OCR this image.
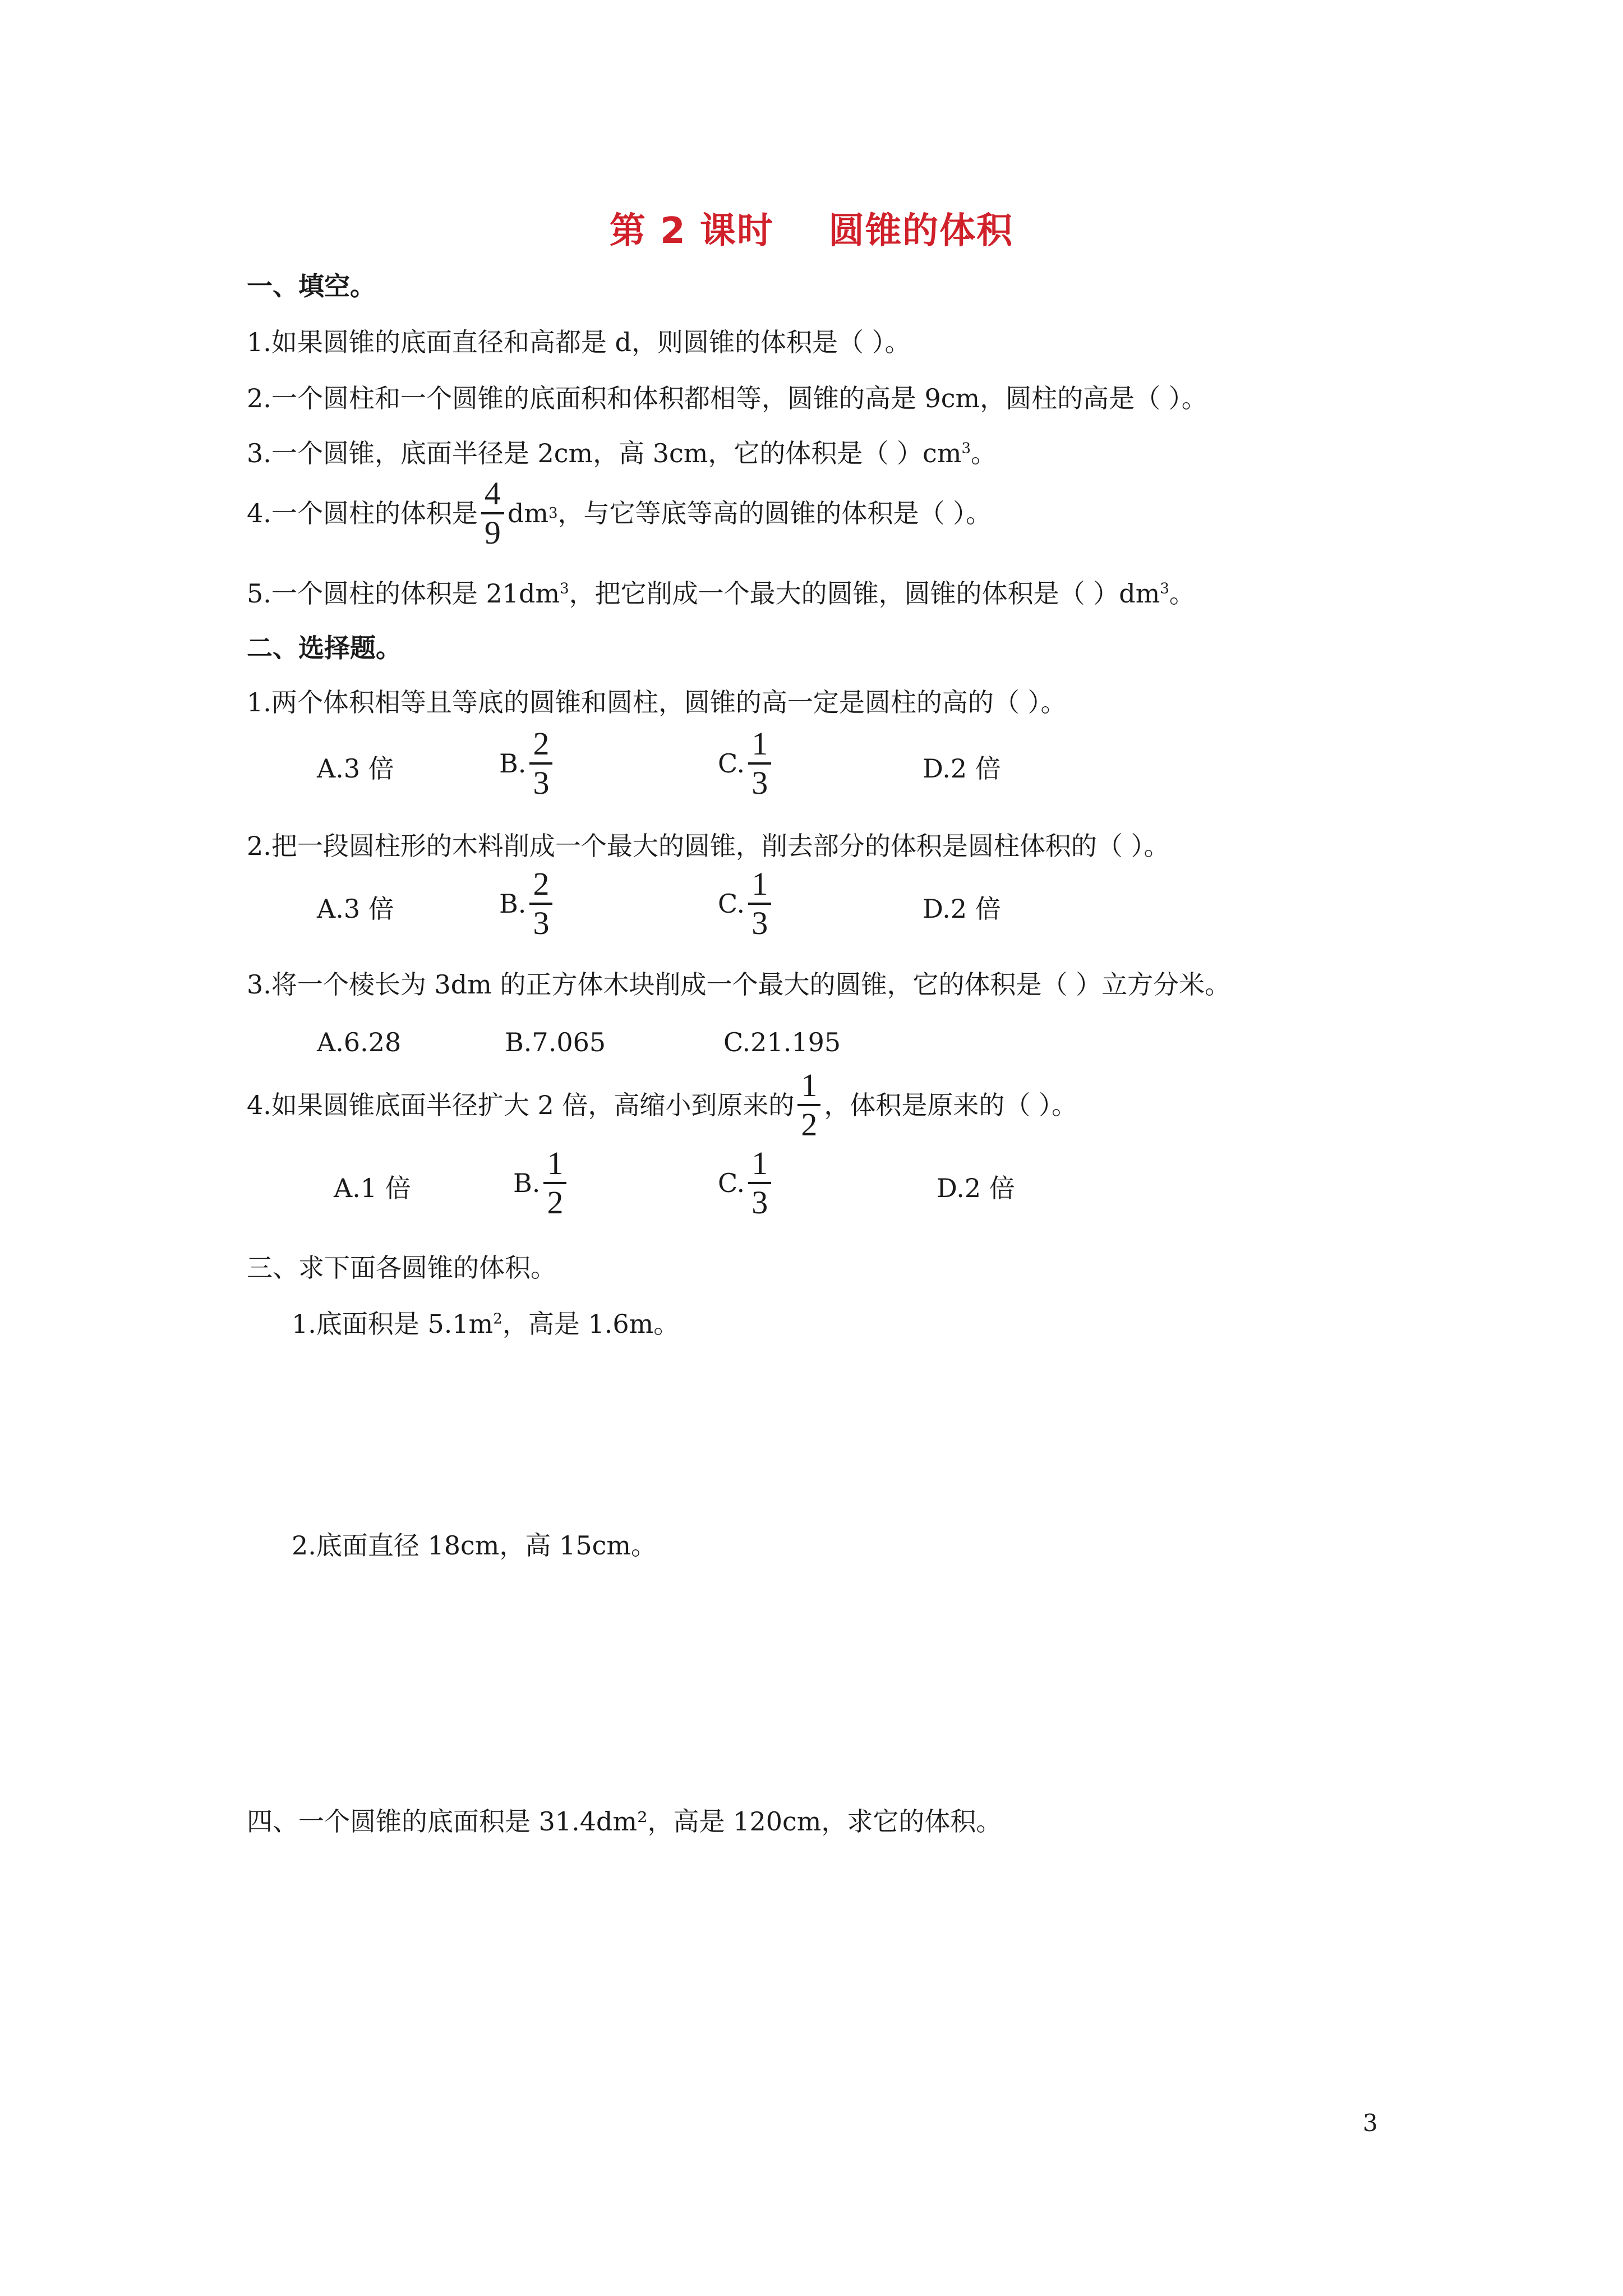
第 2 课时    圆锥的体积
一、填空。
1.如果圆锥的底面直径和高都是 d，则圆锥的体积是（ ）。
2.一个圆柱和一个圆锥的底面积和体积都相等，圆锥的高是 9cm，圆柱的高是（ ）。
3.一个圆锥，底面半径是 2cm，高 3cm，它的体积是（ ）$cm^3$。
4.一个圆柱的体积是 $\frac{4}{9}$ dm 3 ，与它等底等高的圆锥的体积是（ ）。
5.一个圆柱的体积是 $21dm^3$，把它削成一个最大的圆锥，圆锥的体积是（ ）$dm^3$。
二、选择题。
1.两个体积相等且等底的圆锥和圆柱，圆锥的高一定是圆柱的高的（ ）。
A.3 倍	B. $\frac{2}{3}$	C. $\frac{1}{3}$	D.2 倍
2.把一段圆柱形的木料削成一个最大的圆锥，削去部分的体积是圆柱体积的（ ）。
A.3 倍	B. $\frac{2}{3}$	C. $\frac{1}{3}$	D.2 倍
3.将一个棱长为 3dm 的正方体木块削成一个最大的圆锥，它的体积是（ ）立方分米。
A.6.28	B.7.065	C.21.195
4.如果圆锥底面半径扩大 2 倍，高缩小到原来的 $\frac{1}{2}$ ，体积是原来的（ ）。
A.1 倍	B. $\frac{1}{2}$	C. $\frac{1}{3}$	D.2 倍
三、求下面各圆锥的体积。
1.底面积是 $5.1m^2$，高是 1.6m。
2.底面直径 18cm，高 15cm。
四、一个圆锥的底面积是 31.4dm²，高是 120cm，求它的体积。
3
